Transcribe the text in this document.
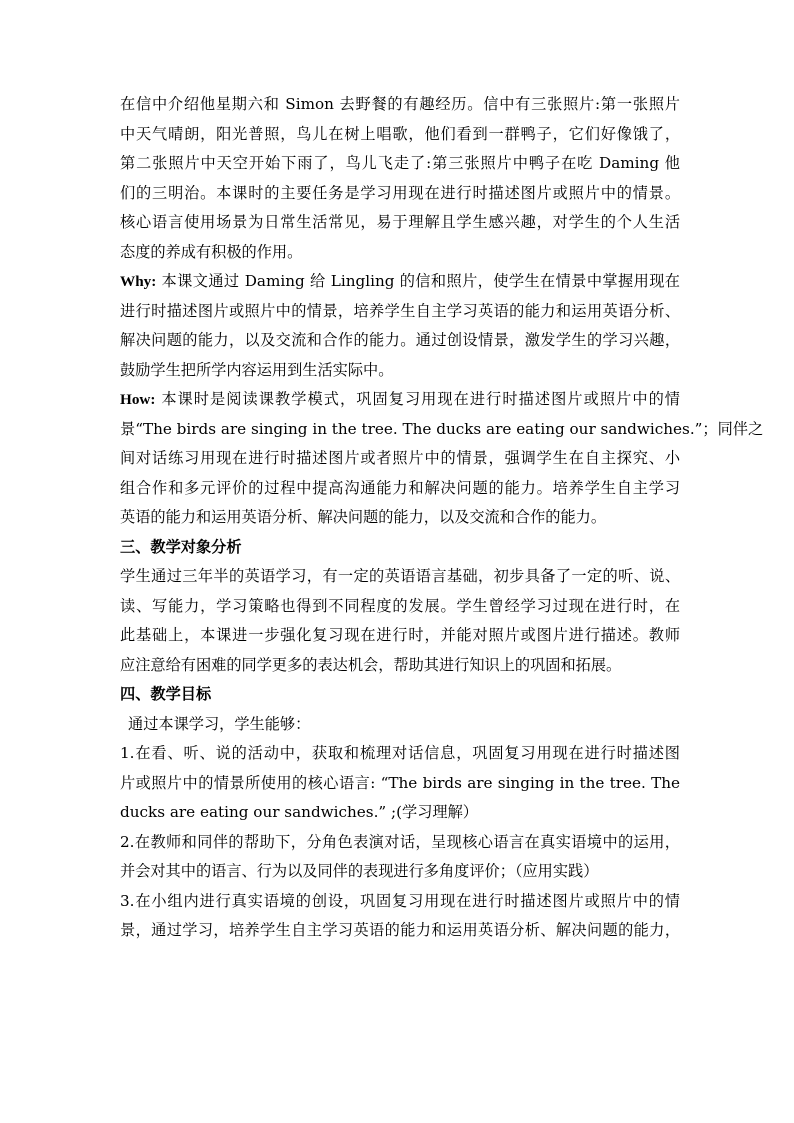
在信中介绍他星期六和 Simon 去野餐的有趣经历。信中有三张照片:第一张照片
中天气晴朗，阳光普照，鸟儿在树上唱歌，他们看到一群鸭子，它们好像饿了，
第二张照片中天空开始下雨了，鸟儿飞走了:第三张照片中鸭子在吃 Daming 他
们的三明治。本课时的主要任务是学习用现在进行时描述图片或照片中的情景。
核心语言使用场景为日常生活常见，易于理解且学生感兴趣，对学生的个人生活
态度的养成有积极的作用。
Why: 本课文通过 Daming 给 Lingling 的信和照片，使学生在情景中掌握用现在
进行时描述图片或照片中的情景，培养学生自主学习英语的能力和运用英语分析、
解决问题的能力，以及交流和合作的能力。通过创设情景，激发学生的学习兴趣，
鼓励学生把所学内容运用到生活实际中。
How: 本课时是阅读课教学模式，巩固复习用现在进行时描述图片或照片中的情
景“The birds are singing in the tree. The ducks are eating our sandwiches.”；同伴之
间对话练习用现在进行时描述图片或者照片中的情景，强调学生在自主探究、小
组合作和多元评价的过程中提高沟通能力和解决问题的能力。培养学生自主学习
英语的能力和运用英语分析、解决问题的能力，以及交流和合作的能力。
三、教学对象分析
学生通过三年半的英语学习，有一定的英语语言基础，初步具备了一定的听、说、
读、写能力，学习策略也得到不同程度的发展。学生曾经学习过现在进行时，在
此基础上，本课进一步强化复习现在进行时，并能对照片或图片进行描述。教师
应注意给有困难的同学更多的表达机会，帮助其进行知识上的巩固和拓展。
四、教学目标
通过本课学习，学生能够：
1.在看、听、说的活动中，获取和梳理对话信息，巩固复习用现在进行时描述图
片或照片中的情景所使用的核心语言: “The birds are singing in the tree. The
ducks are eating our sandwiches.” ;(学习理解）
2.在教师和同伴的帮助下，分角色表演对话，呈现核心语言在真实语境中的运用，
并会对其中的语言、行为以及同伴的表现进行多角度评价；（应用实践）
3.在小组内进行真实语境的创设，巩固复习用现在进行时描述图片或照片中的情
景，通过学习，培养学生自主学习英语的能力和运用英语分析、解决问题的能力，
